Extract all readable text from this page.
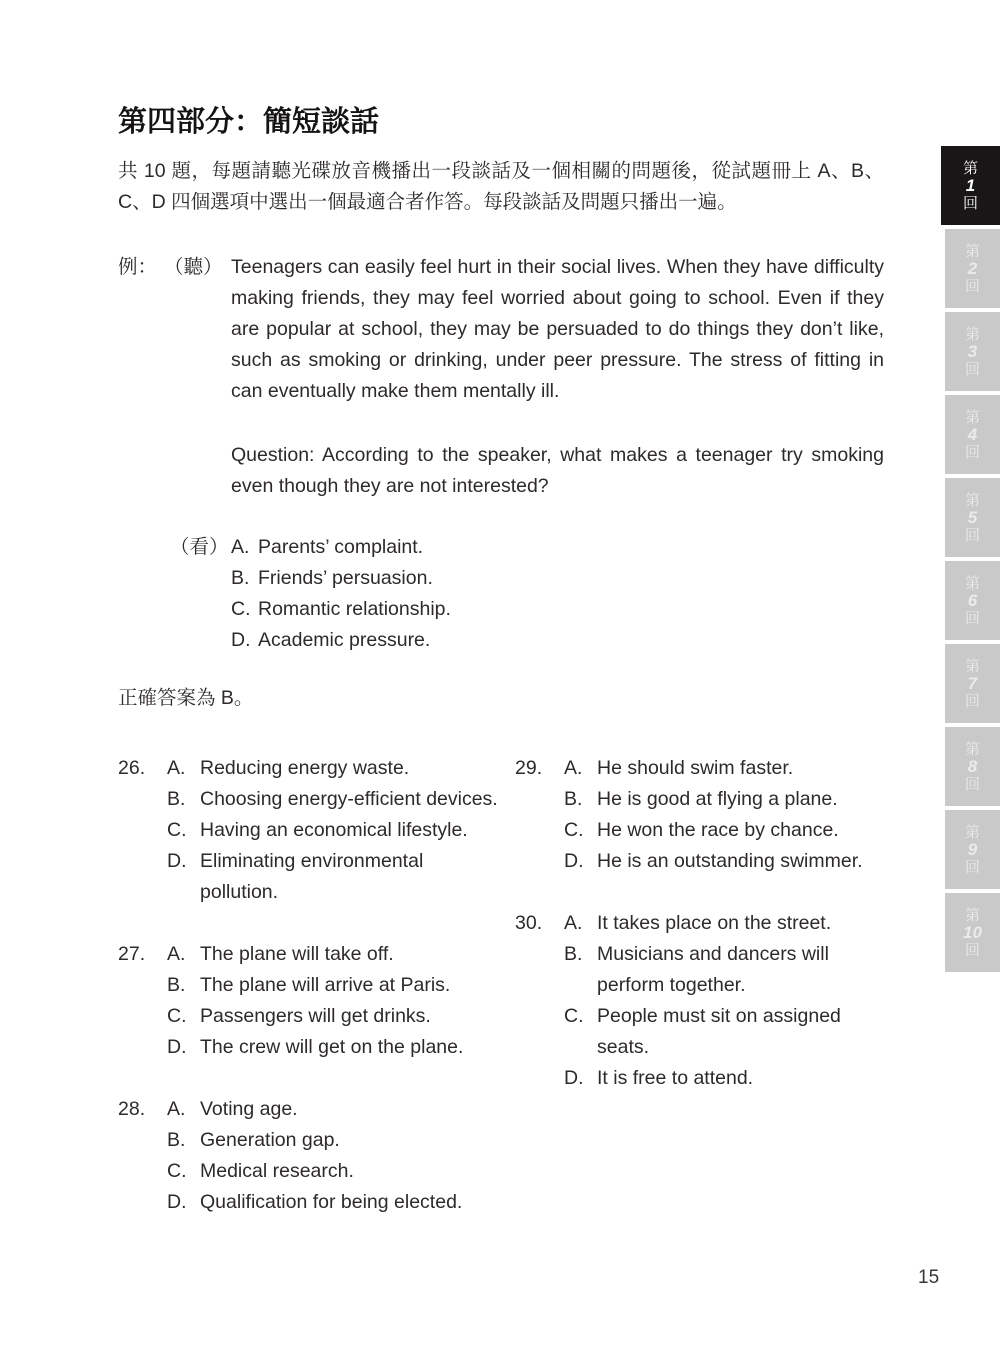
第四部分：簡短談話

共 10 題，每題請聽光碟放音機播出一段談話及一個相關的問題後，從試題冊上 A、B、C、D 四個選項中選出一個最適合者作答。每段談話及問題只播出一遍。

例： （聽） Teenagers can easily feel hurt in their social lives. When they have difficulty making friends, they may feel worried about going to school. Even if they are popular at school, they may be persuaded to do things they don’t like, such as smoking or drinking, under peer pressure. The stress of fitting in can eventually make them mentally ill.

Question: According to the speaker, what makes a teenager try smoking even though they are not interested?

（看） A. Parents’ complaint.
B. Friends’ persuasion.
C. Romantic relationship.
D. Academic pressure.

正確答案為 B。

26.	A. Reducing energy waste.
B. Choosing energy-efficient devices.
C. Having an economical lifestyle.
D. Eliminating environmental pollution.
27.	A. The plane will take off.
B. The plane will arrive at Paris.
C. Passengers will get drinks.
D. The crew will get on the plane.
28.	A. Voting age.
B. Generation gap.
C. Medical research.
D. Qualification for being elected.
29.	A. He should swim faster.
B. He is good at flying a plane.
C. He won the race by chance.
D. He is an outstanding swimmer.
30.	A. It takes place on the street.
B. Musicians and dancers will perform together.
C. People must sit on assigned seats.
D. It is free to attend.
第
1
回
第
2
回
第
3
回
第
4
回
第
5
回
第
6
回
第
7
回
第
8
回
第
9
回
第
10
回
15
